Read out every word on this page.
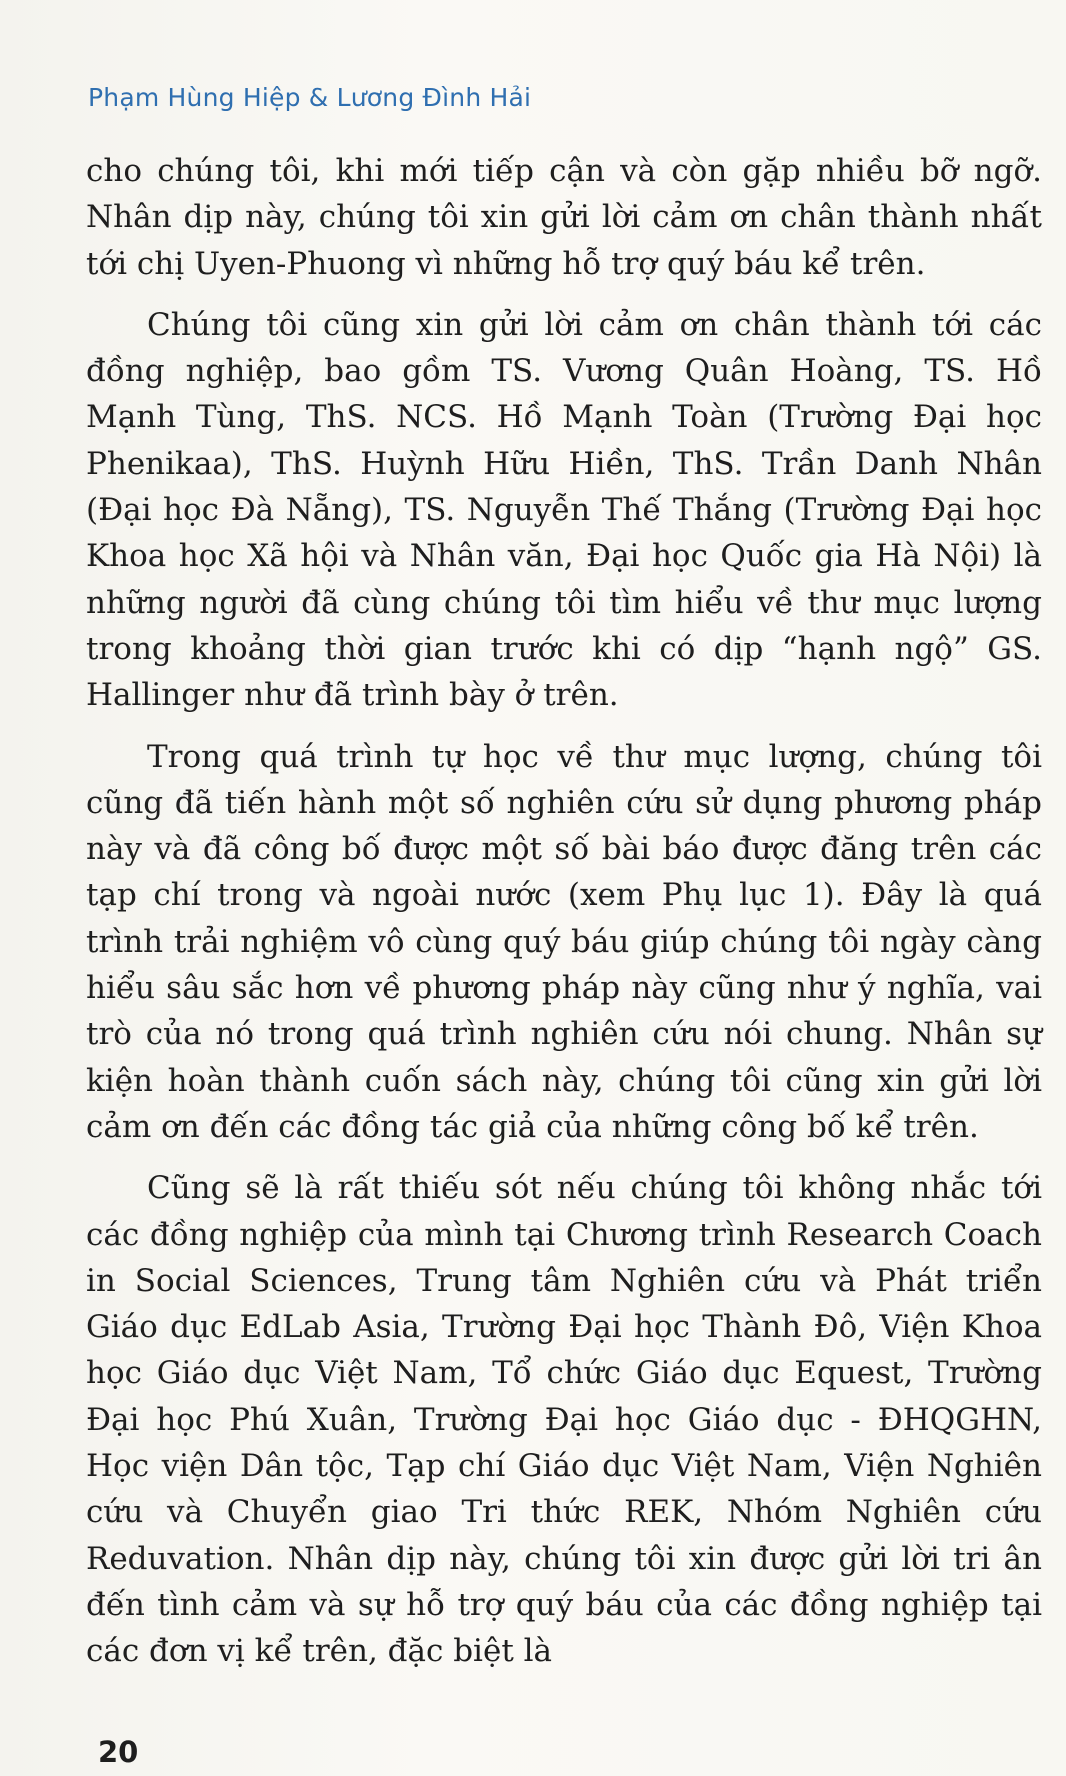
Phạm Hùng Hiệp & Lương Đình Hải

cho chúng tôi, khi mới tiếp cận và còn gặp nhiều bỡ ngỡ. Nhân dịp này, chúng tôi xin gửi lời cảm ơn chân thành nhất tới chị Uyen-Phuong vì những hỗ trợ quý báu kể trên.

Chúng tôi cũng xin gửi lời cảm ơn chân thành tới các đồng nghiệp, bao gồm TS. Vương Quân Hoàng, TS. Hồ Mạnh Tùng, ThS. NCS. Hồ Mạnh Toàn (Trường Đại học Phenikaa), ThS. Huỳnh Hữu Hiền, ThS. Trần Danh Nhân (Đại học Đà Nẵng), TS. Nguyễn Thế Thắng (Trường Đại học Khoa học Xã hội và Nhân văn, Đại học Quốc gia Hà Nội) là những người đã cùng chúng tôi tìm hiểu về thư mục lượng trong khoảng thời gian trước khi có dịp “hạnh ngộ” GS. Hallinger như đã trình bày ở trên.

Trong quá trình tự học về thư mục lượng, chúng tôi cũng đã tiến hành một số nghiên cứu sử dụng phương pháp này và đã công bố được một số bài báo được đăng trên các tạp chí trong và ngoài nước (xem Phụ lục 1). Đây là quá trình trải nghiệm vô cùng quý báu giúp chúng tôi ngày càng hiểu sâu sắc hơn về phương pháp này cũng như ý nghĩa, vai trò của nó trong quá trình nghiên cứu nói chung. Nhân sự kiện hoàn thành cuốn sách này, chúng tôi cũng xin gửi lời cảm ơn đến các đồng tác giả của những công bố kể trên.

Cũng sẽ là rất thiếu sót nếu chúng tôi không nhắc tới các đồng nghiệp của mình tại Chương trình Research Coach in Social Sciences, Trung tâm Nghiên cứu và Phát triển Giáo dục EdLab Asia, Trường Đại học Thành Đô, Viện Khoa học Giáo dục Việt Nam, Tổ chức Giáo dục Equest, Trường Đại học Phú Xuân, Trường Đại học Giáo dục - ĐHQGHN, Học viện Dân tộc, Tạp chí Giáo dục Việt Nam, Viện Nghiên cứu và Chuyển giao Tri thức REK, Nhóm Nghiên cứu Reduvation. Nhân dịp này, chúng tôi xin được gửi lời tri ân đến tình cảm và sự hỗ trợ quý báu của các đồng nghiệp tại các đơn vị kể trên, đặc biệt là

20
